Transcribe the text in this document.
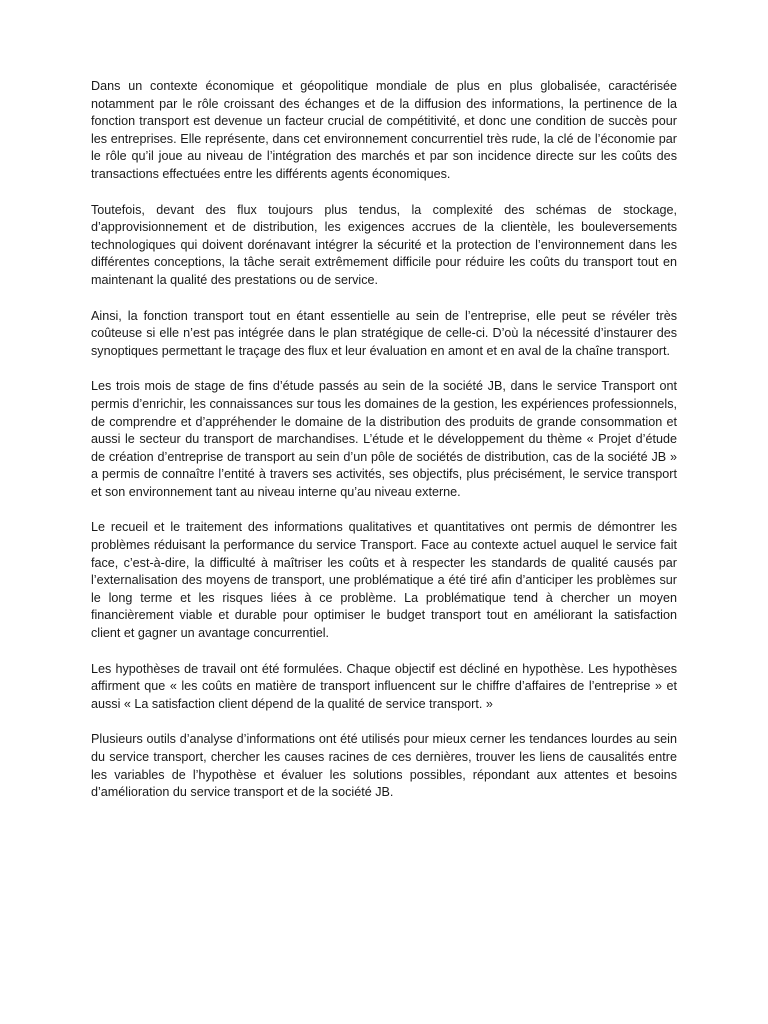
Dans un contexte économique et géopolitique mondiale de plus en plus globalisée, caractérisée notamment par le rôle croissant des échanges et de la diffusion des informations, la pertinence de la fonction transport est devenue un facteur crucial de compétitivité, et donc une condition de succès pour les entreprises. Elle représente, dans cet environnement concurrentiel très rude, la clé de l’économie par le rôle qu’il joue au niveau de l’intégration des marchés et par son incidence directe sur les coûts des transactions effectuées entre les différents agents économiques.

Toutefois, devant des flux toujours plus tendus, la complexité des schémas de stockage, d’approvisionnement et de distribution, les exigences accrues de la clientèle, les bouleversements technologiques qui doivent dorénavant intégrer la sécurité et la protection de l’environnement dans les différentes conceptions, la tâche serait extrêmement difficile pour réduire les coûts du transport tout en maintenant la qualité des prestations ou de service.

Ainsi, la fonction transport tout en étant essentielle au sein de l’entreprise, elle peut se révéler très coûteuse si elle n’est pas intégrée dans le plan stratégique de celle-ci. D’où la nécessité d’instaurer des synoptiques permettant le traçage des flux et leur évaluation en amont et en aval de la chaîne transport.

Les trois mois de stage de fins d’étude passés au sein de la société JB, dans le service Transport ont permis d’enrichir, les connaissances sur tous les domaines de la gestion, les expériences professionnels, de comprendre et d’appréhender le domaine de la distribution des produits de grande consommation et aussi le secteur du transport de marchandises. L’étude et le développement du thème « Projet d’étude de création d’entreprise de transport au sein d’un pôle de sociétés de distribution, cas de la société JB » a permis de connaître l’entité à travers ses activités, ses objectifs, plus précisément, le service transport et son environnement tant au niveau interne qu’au niveau externe.

Le recueil et le traitement des informations qualitatives et quantitatives ont permis de démontrer les problèmes réduisant la performance du service Transport. Face au contexte actuel auquel le service fait face, c’est-à-dire, la difficulté à maîtriser les coûts et à respecter les standards de qualité causés par l’externalisation des moyens de transport, une problématique a été tiré afin d’anticiper les problèmes sur le long terme et les risques liées à ce problème. La problématique tend à chercher un moyen financièrement viable et durable pour optimiser le budget transport tout en améliorant la satisfaction client et gagner un avantage concurrentiel.

Les hypothèses de travail ont été formulées. Chaque objectif est décliné en hypothèse. Les hypothèses affirment que « les coûts en matière de transport influencent sur le chiffre d’affaires de l’entreprise » et aussi « La satisfaction client dépend de la qualité de service transport. »

Plusieurs outils d’analyse d’informations ont été utilisés pour mieux cerner les tendances lourdes au sein du service transport, chercher les causes racines de ces dernières, trouver les liens de causalités entre les variables de l’hypothèse et évaluer les solutions possibles, répondant aux attentes et besoins d’amélioration du service transport et de la société JB.
